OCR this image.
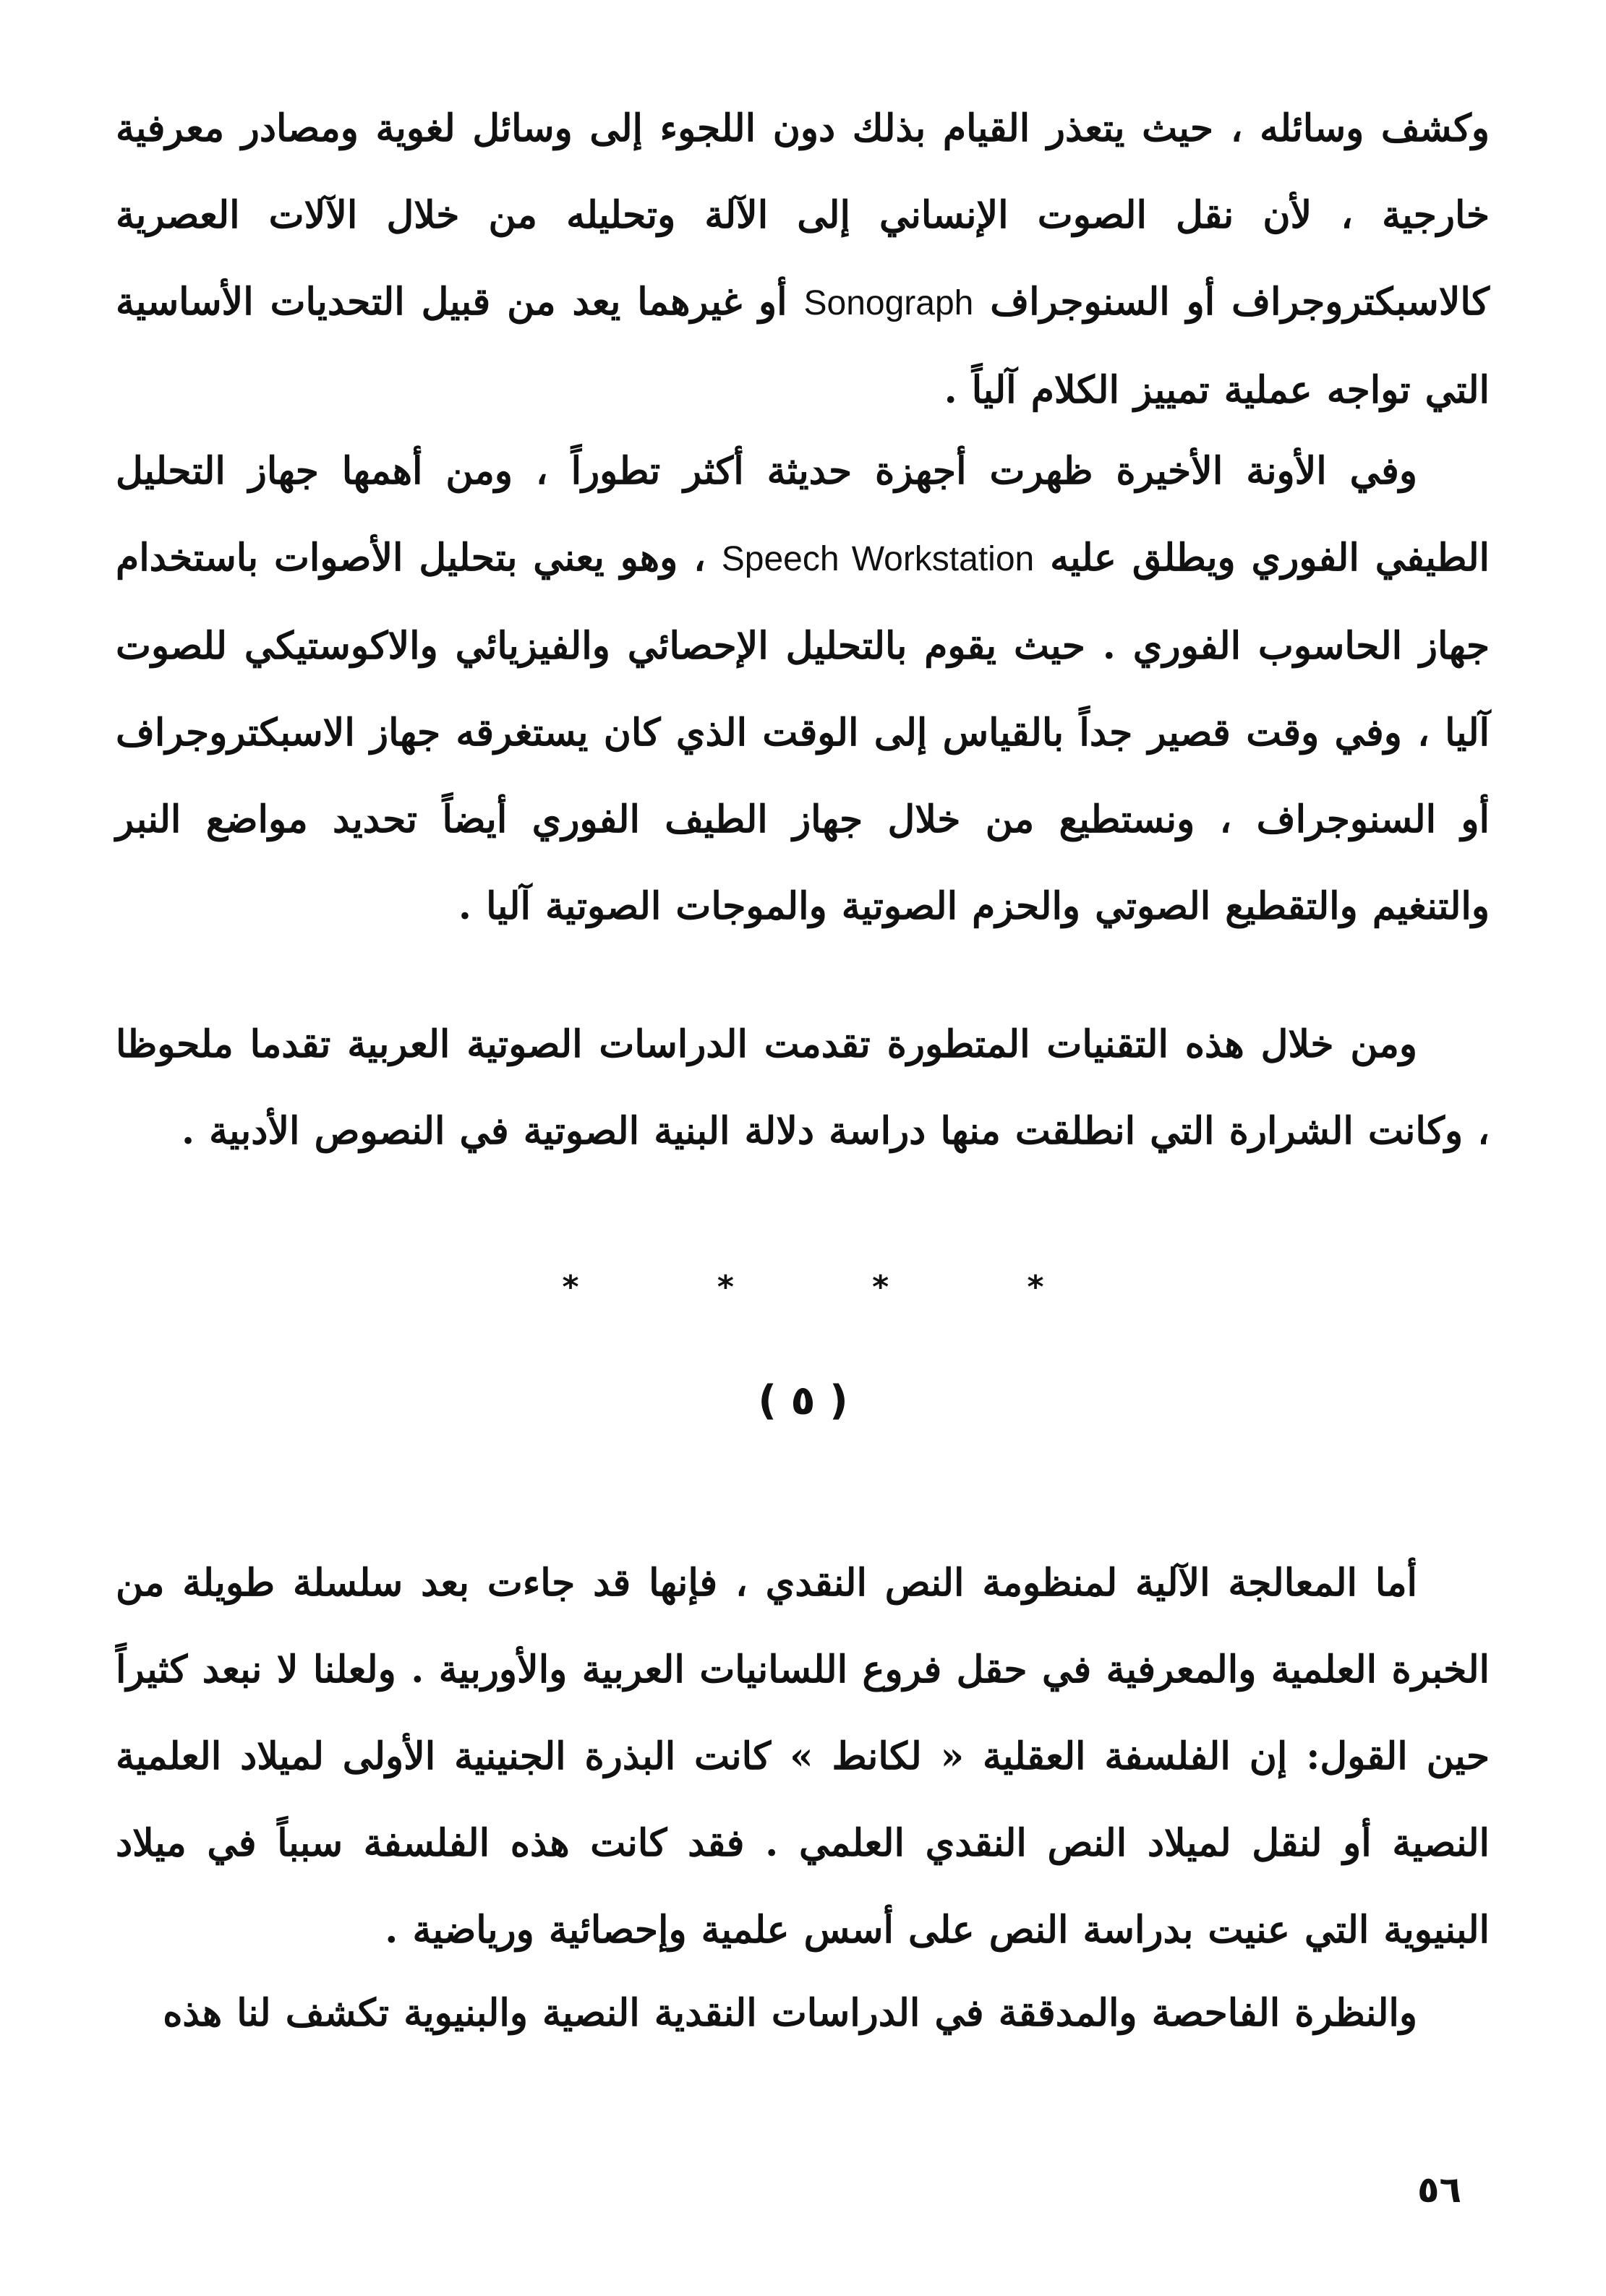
وكشف وسائله ، حيث يتعذر القيام بذلك دون اللجوء إلى وسائل لغوية ومصادر معرفية خارجية ، لأن نقل الصوت الإنساني إلى الآلة وتحليله من خلال الآلات العصرية كالاسبكتروجراف أو السنوجراف Sonograph أو غيرهما يعد من قبيل التحديات الأساسية التي تواجه عملية تمييز الكلام آلياً .

وفي الأونة الأخيرة ظهرت أجهزة حديثة أكثر تطوراً ، ومن أهمها جهاز التحليل الطيفي الفوري ويطلق عليه Speech Workstation ، وهو يعني بتحليل الأصوات باستخدام جهاز الحاسوب الفوري . حيث يقوم بالتحليل الإحصائي والفيزيائي والاكوستيكي للصوت آليا ، وفي وقت قصير جداً بالقياس إلى الوقت الذي كان يستغرقه جهاز الاسبكتروجراف أو السنوجراف ، ونستطيع من خلال جهاز الطيف الفوري أيضاً تحديد مواضع النبر والتنغيم والتقطيع الصوتي والحزم الصوتية والموجات الصوتية آليا .

ومن خلال هذه التقنيات المتطورة تقدمت الدراسات الصوتية العربية تقدما ملحوظا ، وكانت الشرارة التي انطلقت منها دراسة دلالة البنية الصوتية في النصوص الأدبية .

* * * *
( ٥ )

أما المعالجة الآلية لمنظومة النص النقدي ، فإنها قد جاءت بعد سلسلة طويلة من الخبرة العلمية والمعرفية في حقل فروع اللسانيات العربية والأوربية . ولعلنا لا نبعد كثيراً حين القول: إن الفلسفة العقلية « لكانط » كانت البذرة الجنينية الأولى لميلاد العلمية النصية أو لنقل لميلاد النص النقدي العلمي . فقد كانت هذه الفلسفة سبباً في ميلاد البنيوية التي عنيت بدراسة النص على أسس علمية وإحصائية ورياضية .

والنظرة الفاحصة والمدققة في الدراسات النقدية النصية والبنيوية تكشف لنا هذه

٥٦
